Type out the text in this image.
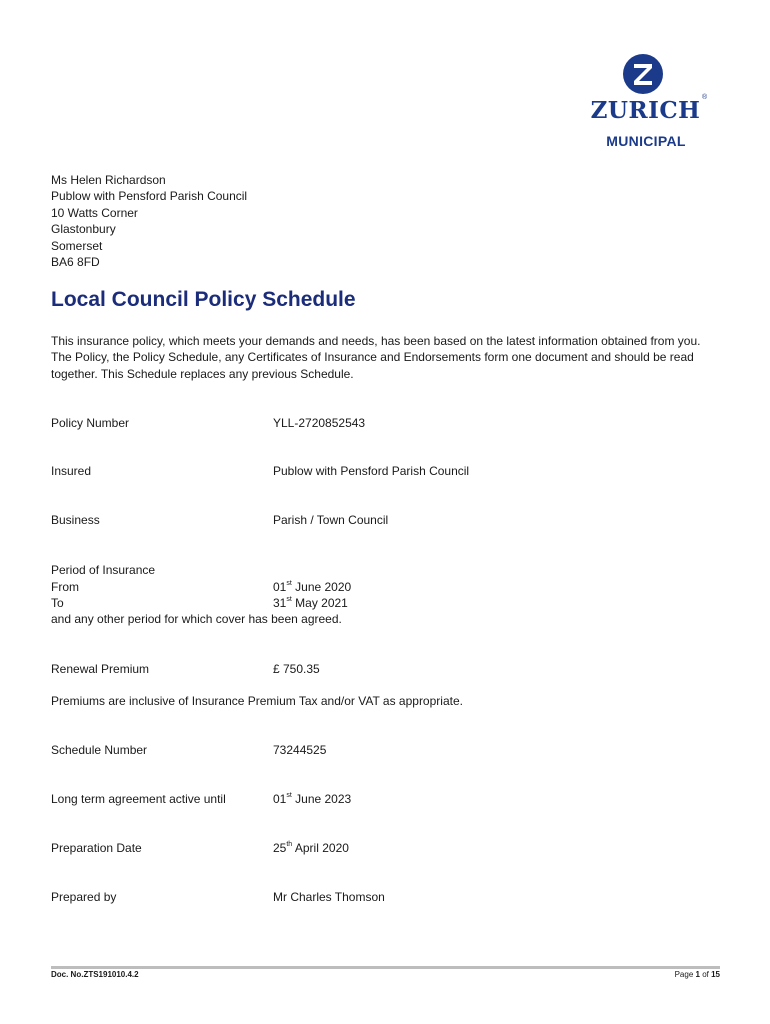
ZURICH ®
MUNICIPAL
Ms Helen Richardson
Publow with Pensford Parish Council
10 Watts Corner
Glastonbury
Somerset
BA6 8FD
Local Council Policy Schedule

This insurance policy, which meets your demands and needs, has been based on the latest information obtained from you. The Policy, the Policy Schedule, any Certificates of Insurance and Endorsements form one document and should be read together. This Schedule replaces any previous Schedule.

Policy Number	YLL-2720852543
Insured	Publow with Pensford Parish Council
Business	Parish / Town Council
Period of Insurance
From	01st June 2020
To	31st May 2021
and any other period for which cover has been agreed.
Renewal Premium	£ 750.35
Premiums are inclusive of Insurance Premium Tax and/or VAT as appropriate.
Schedule Number	73244525
Long term agreement active until	01st June 2023
Preparation Date	25th April 2020
Prepared by	Mr Charles Thomson
Doc. No.ZTS191010.4.2	Page 1 of 15
